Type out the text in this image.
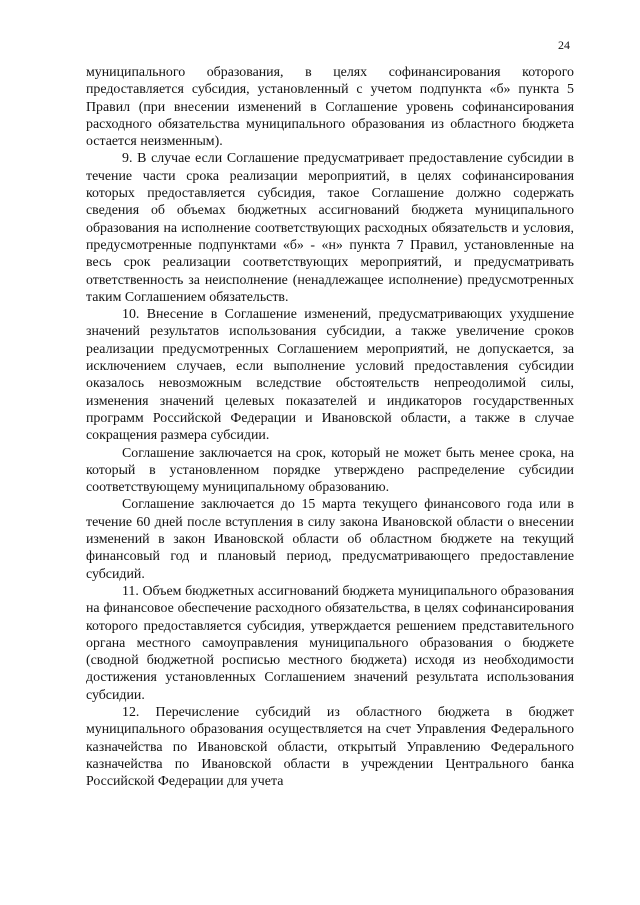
24

муниципального образования, в целях софинансирования которого предоставляется субсидия, установленный с учетом подпункта «б» пункта 5 Правил (при внесении изменений в Соглашение уровень софинансирования расходного обязательства муниципального образования из областного бюджета остается неизменным).

9. В случае если Соглашение предусматривает предоставление субсидии в течение части срока реализации мероприятий, в целях софинансирования которых предоставляется субсидия, такое Соглашение должно содержать сведения об объемах бюджетных ассигнований бюджета муниципального образования на исполнение соответствующих расходных обязательств и условия, предусмотренные подпунктами «б» - «н» пункта 7 Правил, установленные на весь срок реализации соответствующих мероприятий, и предусматривать ответственность за неисполнение (ненадлежащее исполнение) предусмотренных таким Соглашением обязательств.

10. Внесение в Соглашение изменений, предусматривающих ухудшение значений результатов использования субсидии, а также увеличение сроков реализации предусмотренных Соглашением мероприятий, не допускается, за исключением случаев, если выполнение условий предоставления субсидии оказалось невозможным вследствие обстоятельств непреодолимой силы, изменения значений целевых показателей и индикаторов государственных программ Российской Федерации и Ивановской области, а также в случае сокращения размера субсидии.

Соглашение заключается на срок, который не может быть менее срока, на который в установленном порядке утверждено распределение субсидии соответствующему муниципальному образованию.

Соглашение заключается до 15 марта текущего финансового года или в течение 60 дней после вступления в силу закона Ивановской области о внесении изменений в закон Ивановской области об областном бюджете на текущий финансовый год и плановый период, предусматривающего предоставление субсидий.

11. Объем бюджетных ассигнований бюджета муниципального образования на финансовое обеспечение расходного обязательства, в целях софинансирования которого предоставляется субсидия, утверждается решением представительного органа местного самоуправления муниципального образования о бюджете (сводной бюджетной росписью местного бюджета) исходя из необходимости достижения установленных Соглашением значений результата использования субсидии.

12. Перечисление субсидий из областного бюджета в бюджет муниципального образования осуществляется на счет Управления Федерального казначейства по Ивановской области, открытый Управлению Федерального казначейства по Ивановской области в учреждении Центрального банка Российской Федерации для учета
